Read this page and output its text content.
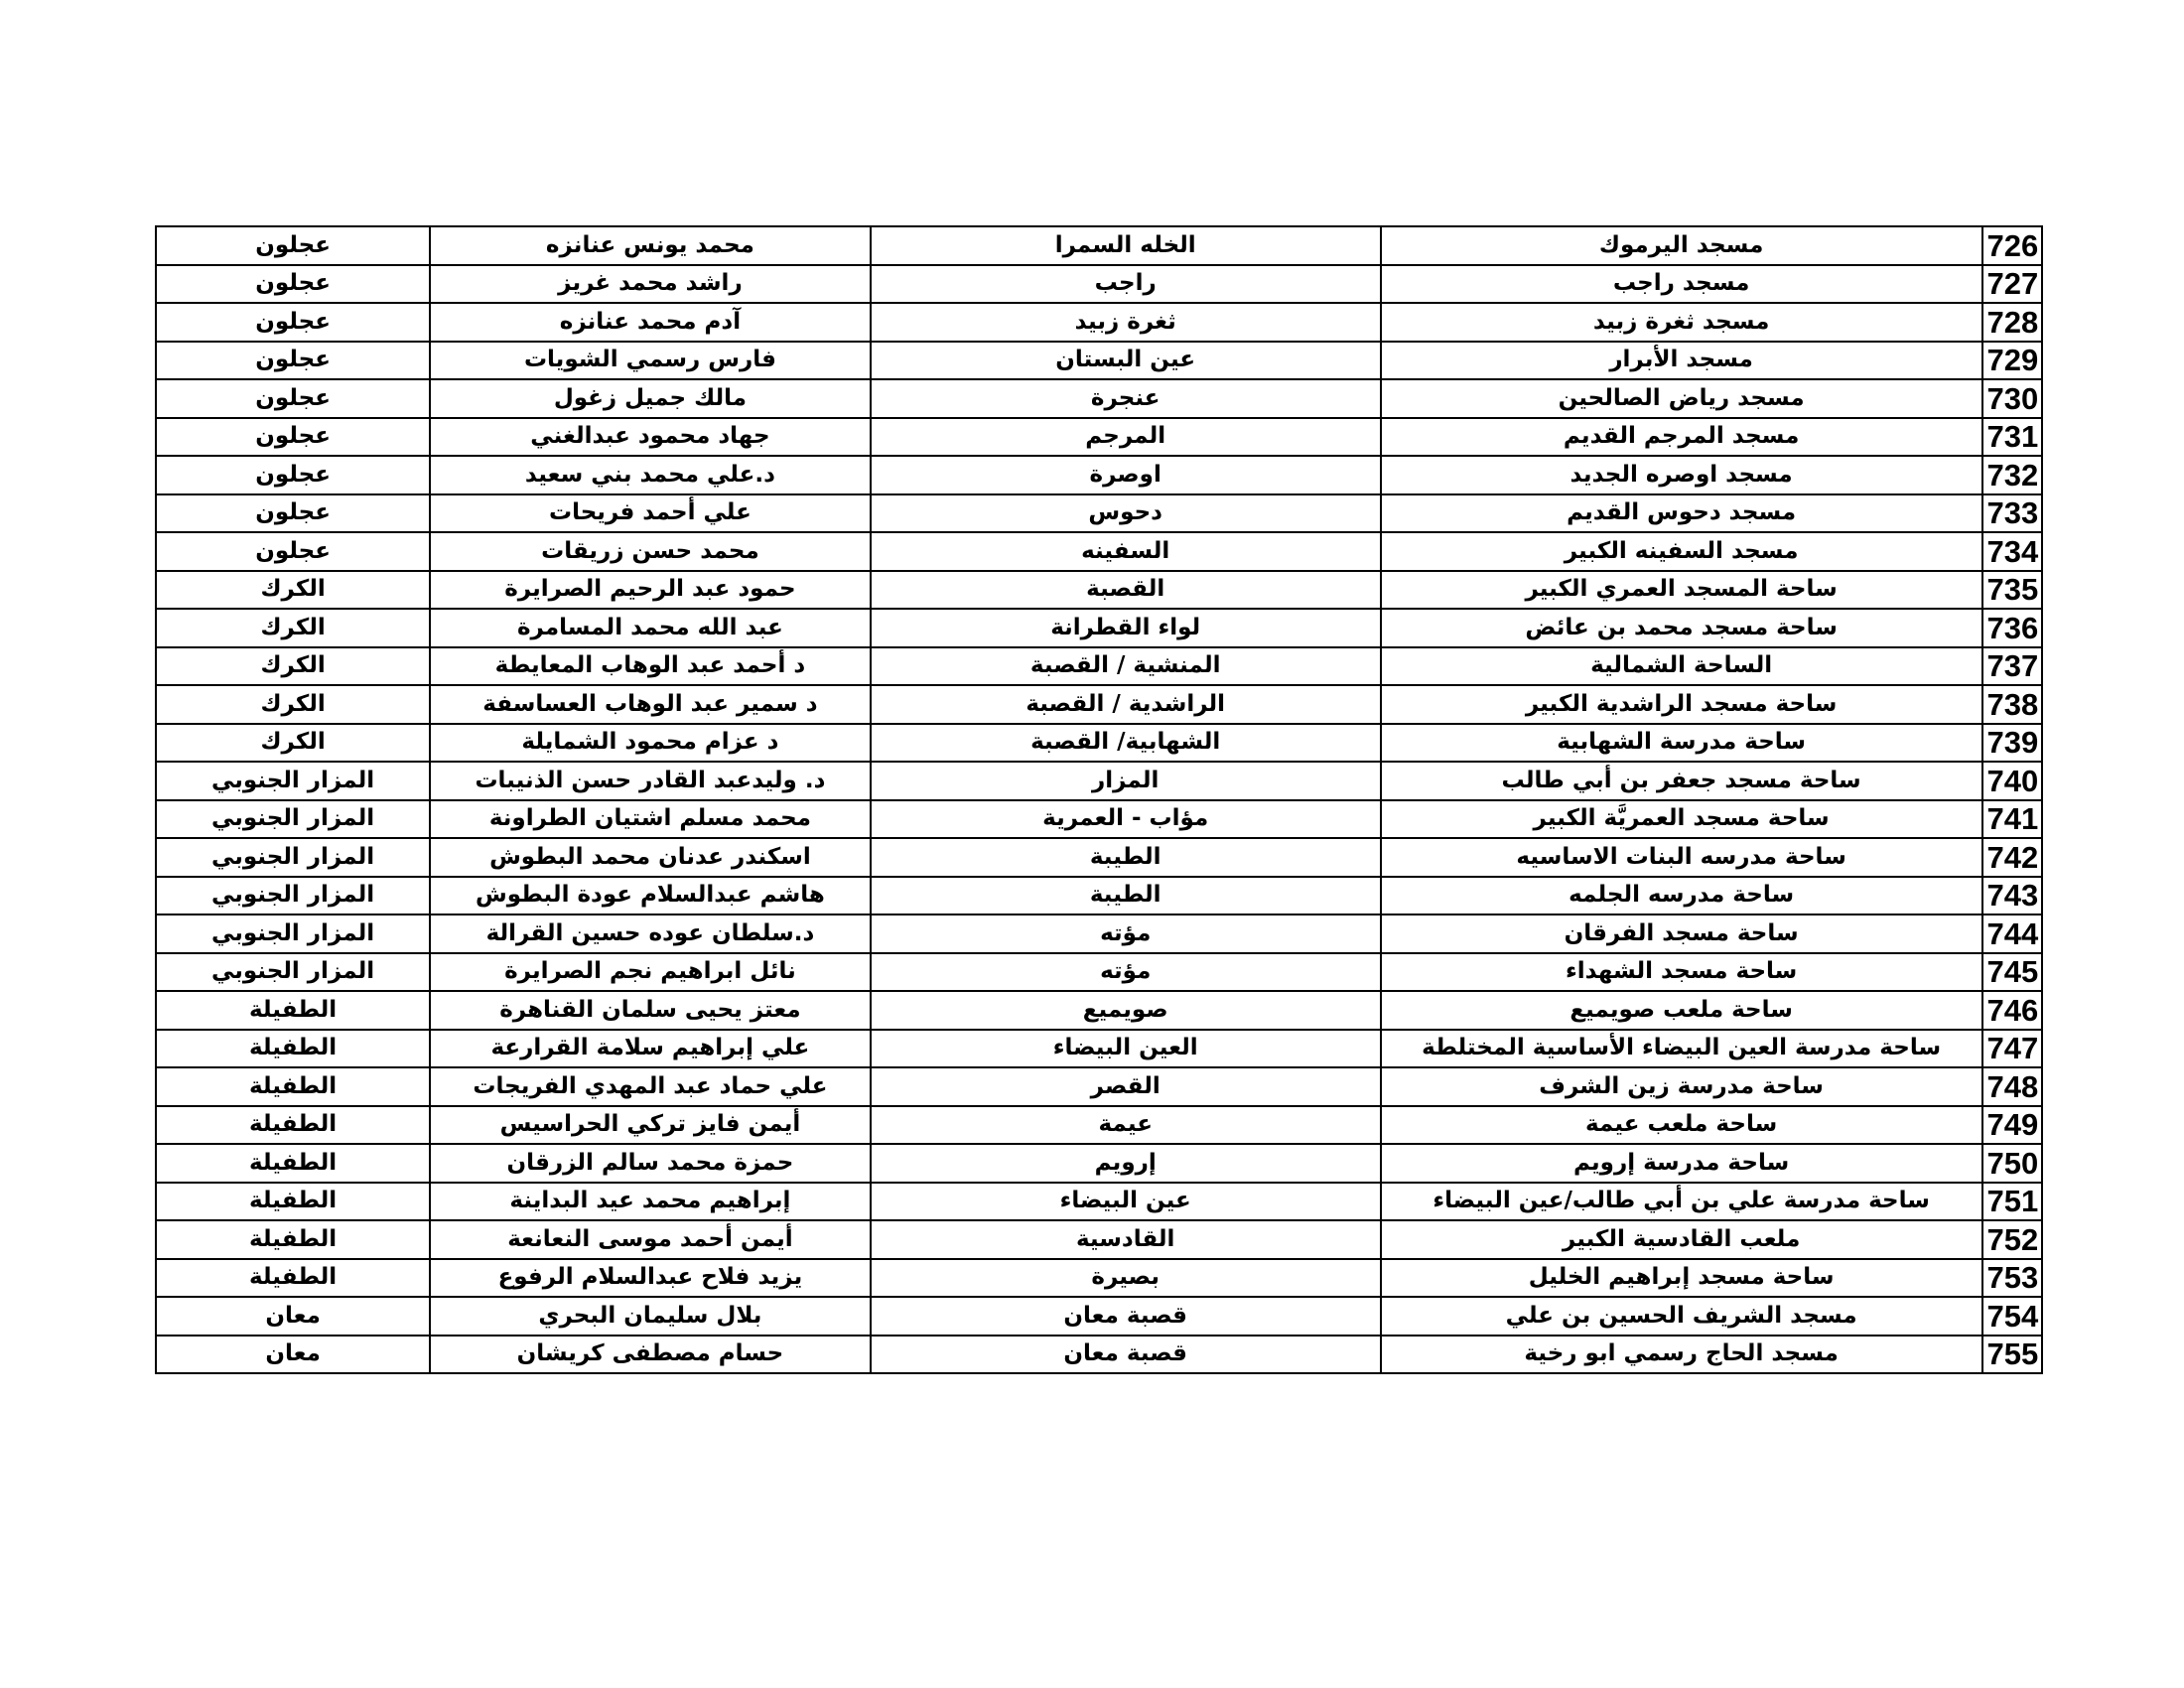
عجلون	محمد يونس عنانزه	الخله السمرا	مسجد اليرموك	726
عجلون	راشد محمد غريز	راجب	مسجد راجب	727
عجلون	آدم محمد عنانزه	ثغرة زبيد	مسجد ثغرة زبيد	728
عجلون	فارس رسمي الشويات	عين البستان	مسجد الأبرار	729
عجلون	مالك جميل زغول	عنجرة	مسجد رياض الصالحين	730
عجلون	جهاد محمود عبدالغني	المرجم	مسجد المرجم القديم	731
عجلون	د.علي محمد بني سعيد	اوصرة	مسجد اوصره الجديد	732
عجلون	علي أحمد فريحات	دحوس	مسجد دحوس القديم	733
عجلون	محمد حسن زريقات	السفينه	مسجد السفينه الكبير	734
الكرك	حمود عبد الرحيم الصرايرة	القصبة	ساحة المسجد العمري الكبير	735
الكرك	عبد الله محمد المسامرة	لواء القطرانة	ساحة مسجد محمد بن عائض	736
الكرك	د أحمد عبد الوهاب المعايطة	المنشية / القصبة	الساحة الشمالية	737
الكرك	د سمير عبد الوهاب العساسفة	الراشدية / القصبة	ساحة مسجد الراشدية الكبير	738
الكرك	د عزام محمود الشمايلة	الشهابية/ القصبة	ساحة مدرسة الشهابية	739
المزار الجنوبي	د. وليدعبد القادر حسن الذنيبات	المزار	ساحة مسجد جعفر بن أبي طالب	740
المزار الجنوبي	محمد مسلم اشتيان الطراونة	مؤاب - العمرية	ساحة مسجد العمريَّة الكبير	741
المزار الجنوبي	اسكندر عدنان محمد البطوش	الطيبة	ساحة مدرسه البنات الاساسيه	742
المزار الجنوبي	هاشم عبدالسلام عودة البطوش	الطيبة	ساحة مدرسه الجلمه	743
المزار الجنوبي	د.سلطان عوده حسين القرالة	مؤته	ساحة مسجد الفرقان	744
المزار الجنوبي	نائل ابراهيم نجم الصرايرة	مؤته	ساحة مسجد الشهداء	745
الطفيلة	معتز يحيى سلمان القناهرة	صويميع	ساحة ملعب صويميع	746
الطفيلة	علي إبراهيم سلامة القرارعة	العين البيضاء	ساحة مدرسة العين البيضاء الأساسية المختلطة	747
الطفيلة	علي حماد عبد المهدي الفريجات	القصر	ساحة مدرسة زين الشرف	748
الطفيلة	أيمن فايز تركي الحراسيس	عيمة	ساحة ملعب عيمة	749
الطفيلة	حمزة محمد سالم الزرقان	إرويم	ساحة مدرسة إرويم	750
الطفيلة	إبراهيم محمد عيد البداينة	عين البيضاء	ساحة مدرسة علي بن أبي طالب/عين البيضاء	751
الطفيلة	أيمن أحمد موسى النعانعة	القادسية	ملعب القادسية الكبير	752
الطفيلة	يزيد فلاح عبدالسلام الرفوع	بصيرة	ساحة مسجد إبراهيم الخليل	753
معان	بلال سليمان البحري	قصبة معان	مسجد الشريف الحسين بن علي	754
معان	حسام مصطفى كريشان	قصبة معان	مسجد الحاج رسمي ابو رخية	755
